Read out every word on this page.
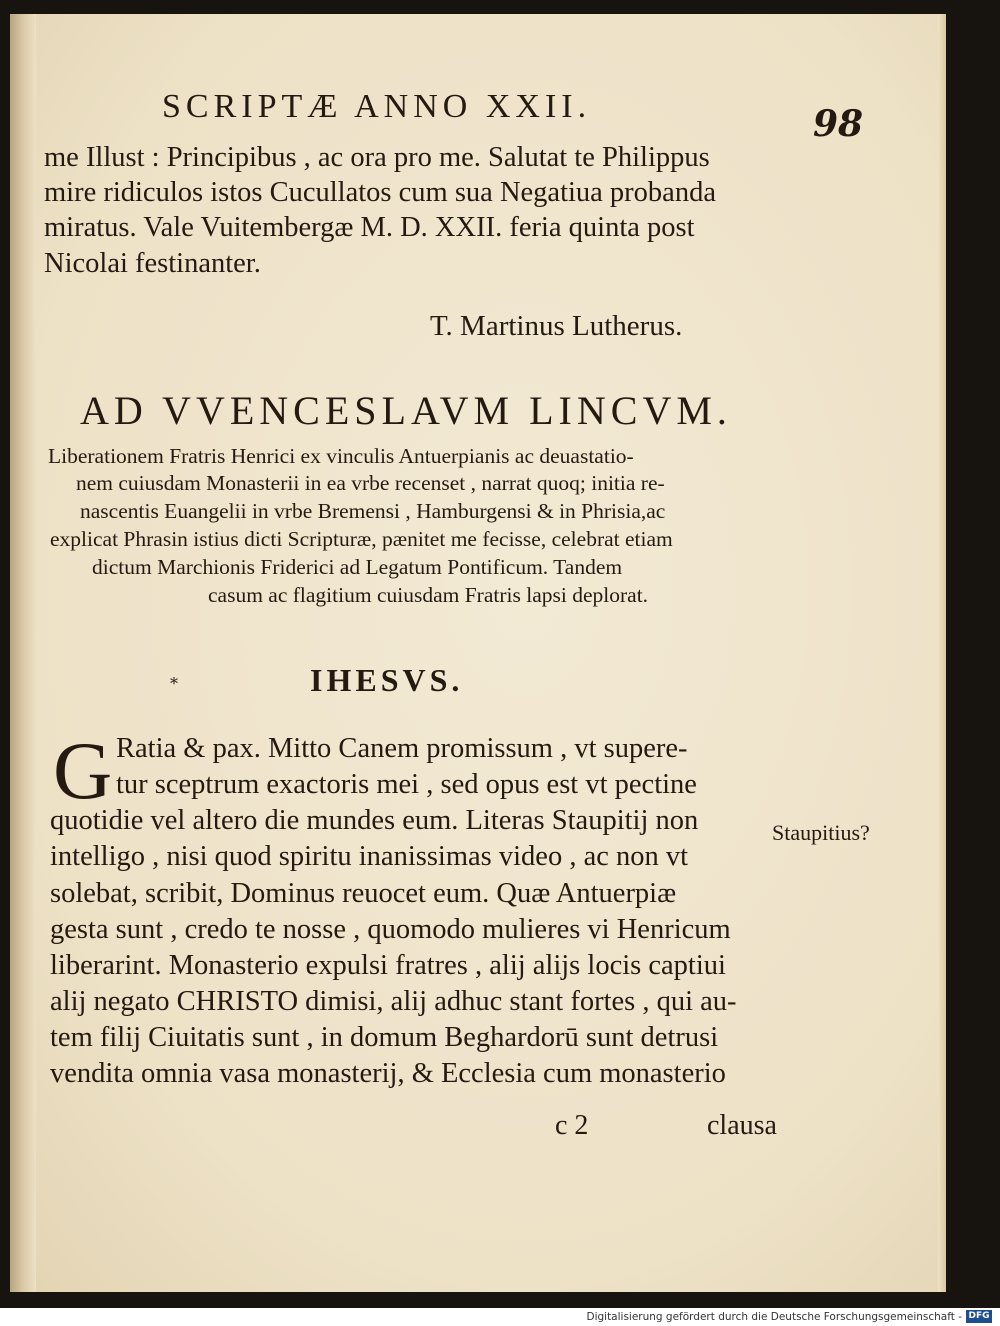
SCRIPTÆ ANNO XXII.	98
me Illust : Principibus , ac ora pro me. Salutat te Philippus
mire ridiculos istos Cucullatos cum sua Negatiua probanda
miratus. Vale Vuitembergæ M. D. XXII. feria quinta post
Nicolai festinanter.
T. Martinus Lutherus.
AD VVENCESLAVM LINCVM.
Liberationem Fratris Henrici ex vinculis Antuerpianis ac deuastatio-
nem cuiusdam Monasterii in ea vrbe recenset , narrat quoq; initia re-
nascentis Euangelii in vrbe Bremensi , Hamburgensi & in Phrisia,ac
explicat Phrasin istius dicti Scripturæ, pænitet me fecisse, celebrat etiam
dictum Marchionis Friderici ad Legatum Pontificum. Tandem
casum ac flagitium cuiusdam Fratris lapsi deplorat.
*	IHESVS.
G Ratia & pax. Mitto Canem promissum , vt supere-
tur sceptrum exactoris mei , sed opus est vt pectine
quotidie vel altero die mundes eum. Literas Staupitij non
intelligo , nisi quod spiritu inanissimas video , ac non vt
solebat, scribit, Dominus reuocet eum. Quæ Antuerpiæ
gesta sunt , credo te nosse , quomodo mulieres vi Henricum
liberarint. Monasterio expulsi fratres , alij alijs locis captiui
alij negato CHRISTO dimisi, alij adhuc stant fortes , qui au-
tem filij Ciuitatis sunt , in domum Beghardorū sunt detrusi
vendita omnia vasa monasterij, & Ecclesia cum monasterio
Staupitius?
c 2	clausa
Digitalisierung gefördert durch die Deutsche Forschungsgemeinschaft - DFG
